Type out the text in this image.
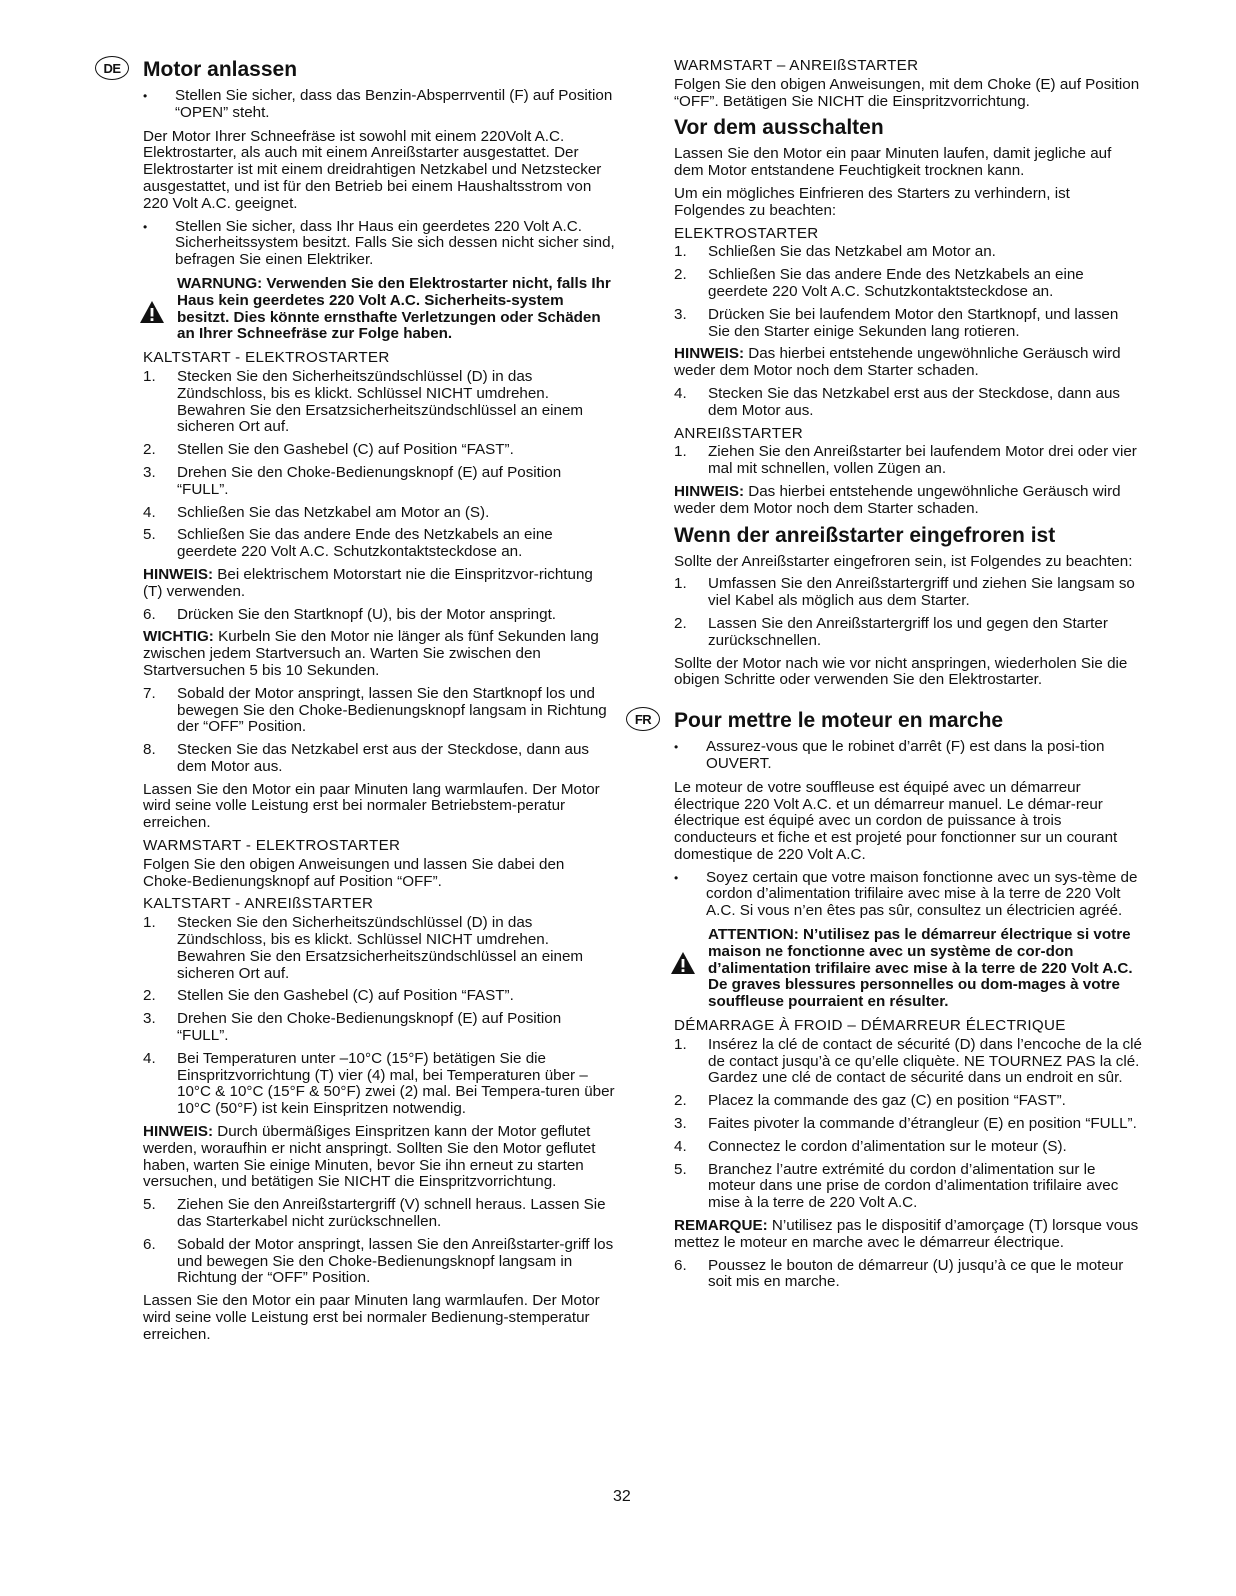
DE	Motor anlassen
• Stellen Sie sicher, dass das Benzin-Absperrventil (F) auf Position “OPEN” steht.
Der Motor Ihrer Schneefräse ist sowohl mit einem 220Volt A.C. Elektrostarter, als auch mit einem Anreißstarter ausgestattet. Der Elektrostarter ist mit einem dreidrahtigen Netzkabel und Netzstecker ausgestattet, und ist für den Betrieb bei einem Haushaltsstrom von 220 Volt A.C. geeignet.
• Stellen Sie sicher, dass Ihr Haus ein geerdetes 220 Volt A.C. Sicherheitssystem besitzt. Falls Sie sich dessen nicht sicher sind, befragen Sie einen Elektriker.
WARNUNG: Verwenden Sie den Elektrostarter nicht, falls Ihr Haus kein geerdetes 220 Volt A.C. Sicherheits-system besitzt. Dies könnte ernsthafte Verletzungen oder Schäden an Ihrer Schneefräse zur Folge haben.
KALTSTART - ELEKTROSTARTER
1. Stecken Sie den Sicherheitszündschlüssel (D) in das Zündschloss, bis es klickt. Schlüssel NICHT umdrehen. Bewahren Sie den Ersatzsicherheitszündschlüssel an einem sicheren Ort auf.
2. Stellen Sie den Gashebel (C) auf Position “FAST”.
3. Drehen Sie den Choke-Bedienungsknopf (E) auf Position “FULL”.
4. Schließen Sie das Netzkabel am Motor an (S).
5. Schließen Sie das andere Ende des Netzkabels an eine geerdete 220 Volt A.C. Schutzkontaktsteckdose an.
HINWEIS: Bei elektrischem Motorstart nie die Einspritzvor-richtung (T) verwenden.
6. Drücken Sie den Startknopf (U), bis der Motor anspringt.
WICHTIG: Kurbeln Sie den Motor nie länger als fünf Sekunden lang zwischen jedem Startversuch an. Warten Sie zwischen den Startversuchen 5 bis 10 Sekunden.
7. Sobald der Motor anspringt, lassen Sie den Startknopf los und bewegen Sie den Choke-Bedienungsknopf langsam in Richtung der “OFF” Position.
8. Stecken Sie das Netzkabel erst aus der Steckdose, dann aus dem Motor aus.
Lassen Sie den Motor ein paar Minuten lang warmlaufen. Der Motor wird seine volle Leistung erst bei normaler Betriebstem-peratur erreichen.
WARMSTART - ELEKTROSTARTER
Folgen Sie den obigen Anweisungen und lassen Sie dabei den Choke-Bedienungsknopf auf Position “OFF”.
KALTSTART - ANREIßSTARTER
1. Stecken Sie den Sicherheitszündschlüssel (D) in das Zündschloss, bis es klickt. Schlüssel NICHT umdrehen. Bewahren Sie den Ersatzsicherheitszündschlüssel an einem sicheren Ort auf.
2. Stellen Sie den Gashebel (C) auf Position “FAST”.
3. Drehen Sie den Choke-Bedienungsknopf (E) auf Position “FULL”.
4. Bei Temperaturen unter –10°C (15°F) betätigen Sie die Einspritzvorrichtung (T) vier (4) mal, bei Temperaturen über –10°C & 10°C (15°F & 50°F) zwei (2) mal. Bei Tempera-turen über 10°C (50°F) ist kein Einspritzen notwendig.
HINWEIS: Durch übermäßiges Einspritzen kann der Motor geflutet werden, woraufhin er nicht anspringt. Sollten Sie den Motor geflutet haben, warten Sie einige Minuten, bevor Sie ihn erneut zu starten versuchen, und betätigen Sie NICHT die Einspritzvorrichtung.
5. Ziehen Sie den Anreißstartergriff (V) schnell heraus. Lassen Sie das Starterkabel nicht zurückschnellen.
6. Sobald der Motor anspringt, lassen Sie den Anreißstarter-griff los und bewegen Sie den Choke-Bedienungsknopf langsam in Richtung der “OFF” Position.
Lassen Sie den Motor ein paar Minuten lang warmlaufen. Der Motor wird seine volle Leistung erst bei normaler Bedienung-stemperatur erreichen.
WARMSTART – ANREIßSTARTER
Folgen Sie den obigen Anweisungen, mit dem Choke (E) auf Position “OFF”. Betätigen Sie NICHT die Einspritzvorrichtung.
Vor dem ausschalten
Lassen Sie den Motor ein paar Minuten laufen, damit jegliche auf dem Motor entstandene Feuchtigkeit trocknen kann.
Um ein mögliches Einfrieren des Starters zu verhindern, ist Folgendes zu beachten:
ELEKTROSTARTER
1. Schließen Sie das Netzkabel am Motor an.
2. Schließen Sie das andere Ende des Netzkabels an eine geerdete 220 Volt A.C. Schutzkontaktsteckdose an.
3. Drücken Sie bei laufendem Motor den Startknopf, und lassen Sie den Starter einige Sekunden lang rotieren.
HINWEIS: Das hierbei entstehende ungewöhnliche Geräusch wird weder dem Motor noch dem Starter schaden.
4. Stecken Sie das Netzkabel erst aus der Steckdose, dann aus dem Motor aus.
ANREIßSTARTER
1. Ziehen Sie den Anreißstarter bei laufendem Motor drei oder vier mal mit schnellen, vollen Zügen an.
HINWEIS: Das hierbei entstehende ungewöhnliche Geräusch wird weder dem Motor noch dem Starter schaden.
Wenn der anreißstarter eingefroren ist
Sollte der Anreißstarter eingefroren sein, ist Folgendes zu beachten:
1. Umfassen Sie den Anreißstartergriff und ziehen Sie langsam so viel Kabel als möglich aus dem Starter.
2. Lassen Sie den Anreißstartergriff los und gegen den Starter zurückschnellen.
Sollte der Motor nach wie vor nicht anspringen, wiederholen Sie die obigen Schritte oder verwenden Sie den Elektrostarter.
FR	Pour mettre le moteur en marche
• Assurez-vous que le robinet d’arrêt (F) est dans la posi-tion OUVERT.
Le moteur de votre souffleuse est équipé avec un démarreur électrique 220 Volt A.C. et un démarreur manuel. Le démar-reur électrique est équipé avec un cordon de puissance à trois conducteurs et fiche et est projeté pour fonctionner sur un courant domestique de 220 Volt A.C.
• Soyez certain que votre maison fonctionne avec un sys-tème de cordon d’alimentation trifilaire avec mise à la terre de 220 Volt A.C. Si vous n’en êtes pas sûr, consultez un électricien agréé.
ATTENTION: N’utilisez pas le démarreur électrique si votre maison ne fonctionne avec un système de cor-don d’alimentation trifilaire avec mise à la terre de 220 Volt A.C. De graves blessures personnelles ou dom-mages à votre souffleuse pourraient en résulter.
DÉMARRAGE À FROID – DÉMARREUR ÉLECTRIQUE
1. Insérez la clé de contact de sécurité (D) dans l’encoche de la clé de contact jusqu’à ce qu’elle cliquète. NE TOURNEZ PAS la clé. Gardez une clé de contact de sécurité dans un endroit en sûr.
2. Placez la commande des gaz (C) en position “FAST”.
3. Faites pivoter la commande d’étrangleur (E) en position “FULL”.
4. Connectez le cordon d’alimentation sur le moteur (S).
5. Branchez l’autre extrémité du cordon d’alimentation sur le moteur dans une prise de cordon d’alimentation trifilaire avec mise à la terre de 220 Volt A.C.
REMARQUE: N’utilisez pas le dispositif d’amorçage (T) lorsque vous mettez le moteur en marche avec le démarreur électrique.
6. Poussez le bouton de démarreur (U) jusqu’à ce que le moteur soit mis en marche.
32
